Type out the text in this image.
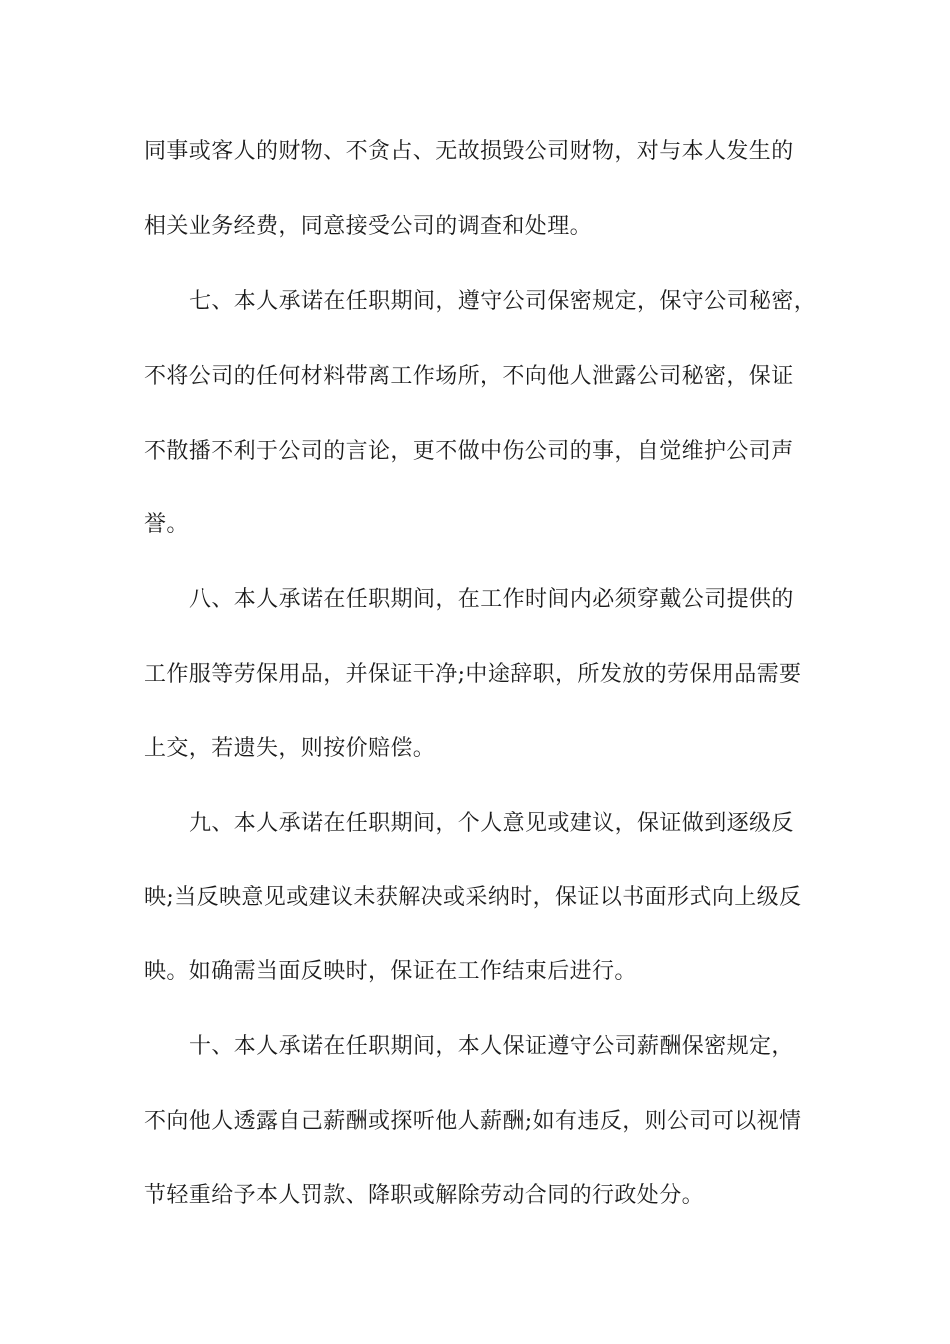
同事或客人的财物、不贪占、无故损毁公司财物，对与本人发生的
相关业务经费，同意接受公司的调查和处理。
七、本人承诺在任职期间，遵守公司保密规定，保守公司秘密，
不将公司的任何材料带离工作场所，不向他人泄露公司秘密，保证
不散播不利于公司的言论，更不做中伤公司的事，自觉维护公司声
誉。
八、本人承诺在任职期间，在工作时间内必须穿戴公司提供的
工作服等劳保用品，并保证干净;中途辞职，所发放的劳保用品需要
上交，若遗失，则按价赔偿。
九、本人承诺在任职期间，个人意见或建议，保证做到逐级反
映;当反映意见或建议未获解决或采纳时，保证以书面形式向上级反
映。如确需当面反映时，保证在工作结束后进行。
十、本人承诺在任职期间，本人保证遵守公司薪酬保密规定，
不向他人透露自己薪酬或探听他人薪酬;如有违反，则公司可以视情
节轻重给予本人罚款、降职或解除劳动合同的行政处分。
